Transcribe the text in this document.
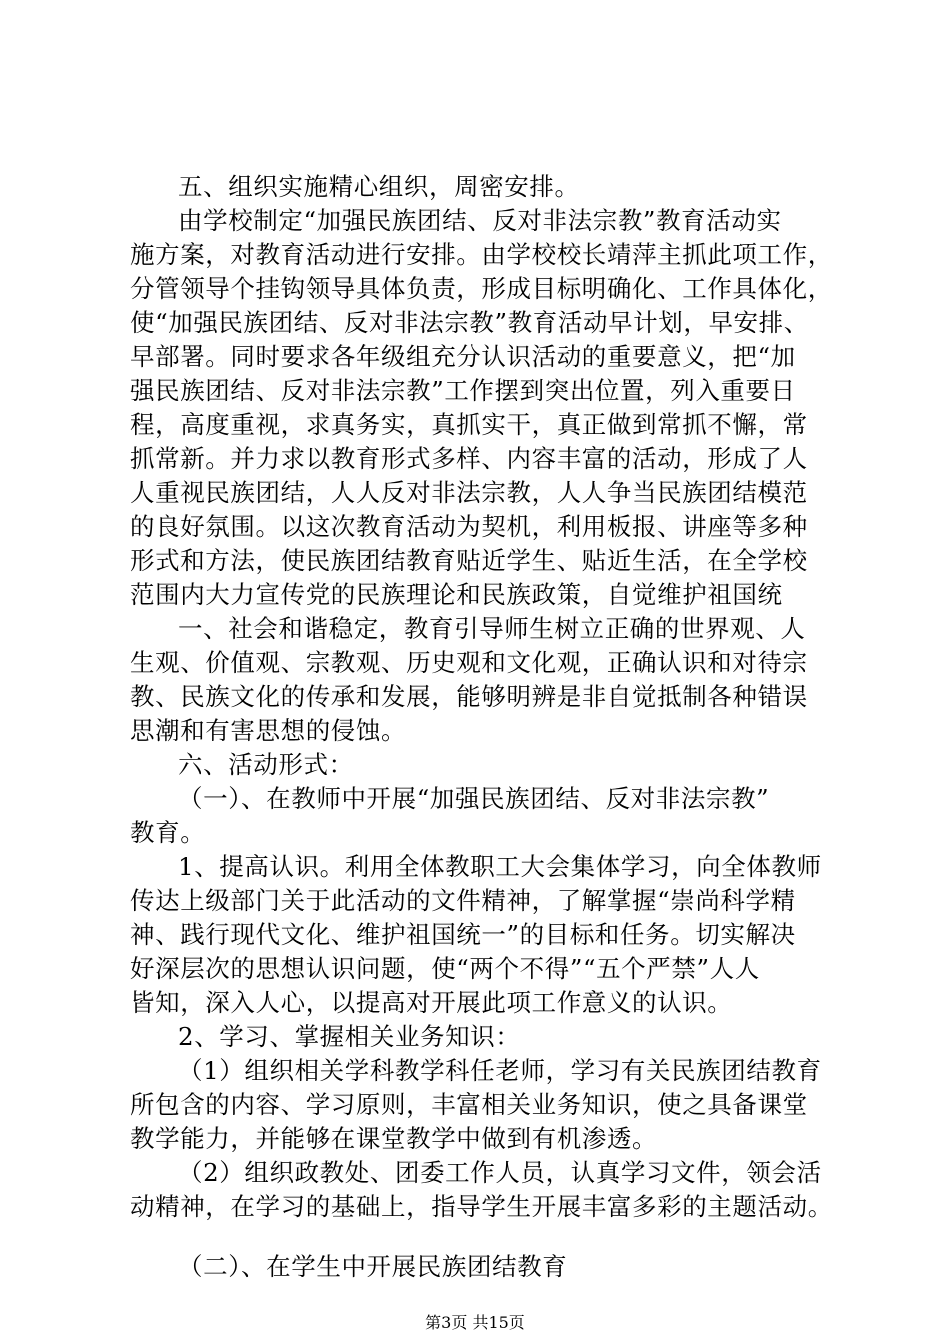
五、组织实施精心组织，周密安排。
由学校制定“加强民族团结、反对非法宗教”教育活动实
施方案，对教育活动进行安排。由学校校长靖萍主抓此项工作，
分管领导个挂钩领导具体负责，形成目标明确化、工作具体化，
使“加强民族团结、反对非法宗教”教育活动早计划，早安排、
早部署。同时要求各年级组充分认识活动的重要意义，把“加
强民族团结、反对非法宗教”工作摆到突出位置，列入重要日
程，高度重视，求真务实，真抓实干，真正做到常抓不懈，常
抓常新。并力求以教育形式多样、内容丰富的活动，形成了人
人重视民族团结，人人反对非法宗教，人人争当民族团结模范
的良好氛围。以这次教育活动为契机，利用板报、讲座等多种
形式和方法，使民族团结教育贴近学生、贴近生活，在全学校
范围内大力宣传党的民族理论和民族政策，自觉维护祖国统
一、社会和谐稳定，教育引导师生树立正确的世界观、人
生观、价值观、宗教观、历史观和文化观，正确认识和对待宗
教、民族文化的传承和发展，能够明辨是非自觉抵制各种错误
思潮和有害思想的侵蚀。
六、活动形式：
（一）、在教师中开展“加强民族团结、反对非法宗教”
教育。
1、提高认识。利用全体教职工大会集体学习，向全体教师
传达上级部门关于此活动的文件精神，了解掌握“崇尚科学精
神、践行现代文化、维护祖国统一”的目标和任务。切实解决
好深层次的思想认识问题，使“两个不得”“五个严禁”人人
皆知，深入人心，以提高对开展此项工作意义的认识。
2、学习、掌握相关业务知识：
（1）组织相关学科教学科任老师，学习有关民族团结教育
所包含的内容、学习原则，丰富相关业务知识，使之具备课堂
教学能力，并能够在课堂教学中做到有机渗透。
（2）组织政教处、团委工作人员，认真学习文件，领会活
动精神，在学习的基础上，指导学生开展丰富多彩的主题活动。
（二）、在学生中开展民族团结教育
第3页 共15页
